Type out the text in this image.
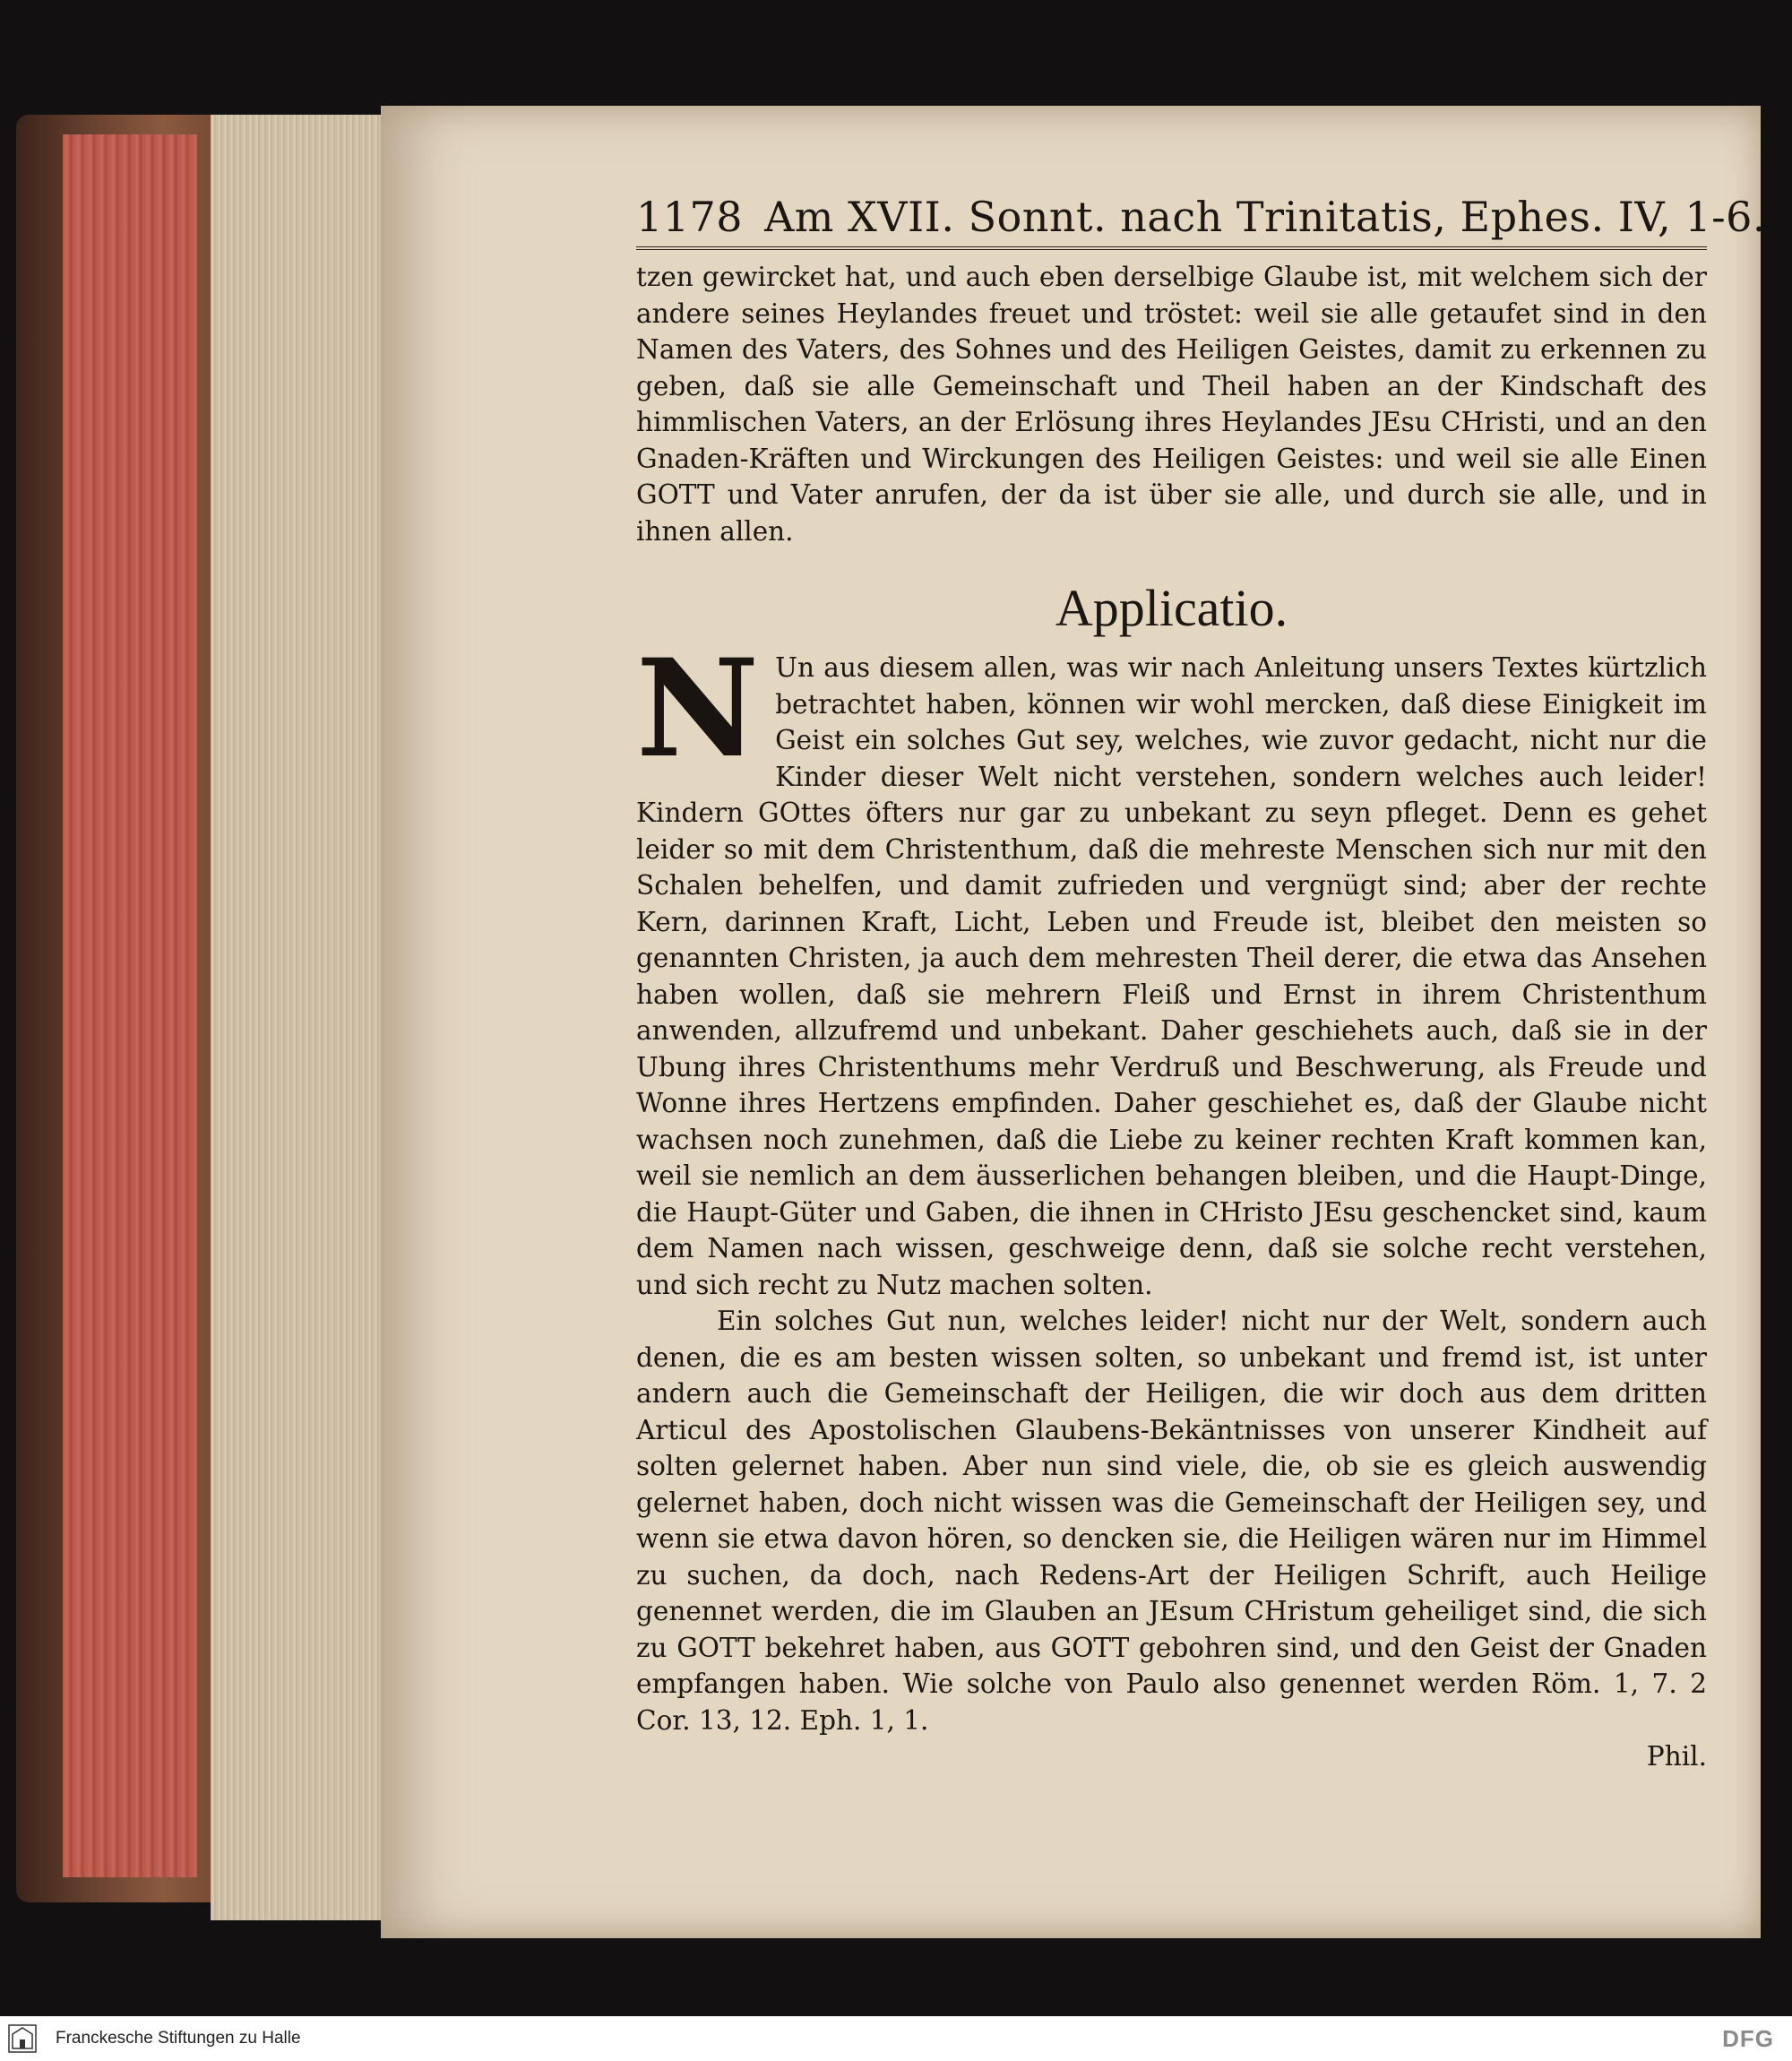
1178 Am XVII. Sonnt. nach Trinitatis, Ephes. IV, 1-6.

tzen gewircket hat, und auch eben derselbige Glaube ist, mit welchem sich der andere seines Heylandes freuet und tröstet: weil sie alle getaufet sind in den Namen des Vaters, des Sohnes und des Heiligen Geistes, damit zu erkennen zu geben, daß sie alle Gemeinschaft und Theil haben an der Kindschaft des himmlischen Vaters, an der Erlösung ihres Heylandes JEsu CHristi, und an den Gnaden-Kräften und Wirckungen des Heiligen Geistes: und weil sie alle Einen GOTT und Vater anrufen, der da ist über sie alle, und durch sie alle, und in ihnen allen.

Applicatio.

N Un aus diesem allen, was wir nach Anleitung unsers Textes kürtzlich betrachtet haben, können wir wohl mercken, daß diese Einigkeit im Geist ein solches Gut sey, welches, wie zuvor gedacht, nicht nur die Kinder dieser Welt nicht verstehen, sondern welches auch leider! Kindern GOttes öfters nur gar zu unbekant zu seyn pfleget. Denn es gehet leider so mit dem Christenthum, daß die mehreste Menschen sich nur mit den Schalen behelfen, und damit zufrieden und vergnügt sind; aber der rechte Kern, darinnen Kraft, Licht, Leben und Freude ist, bleibet den meisten so genannten Christen, ja auch dem mehresten Theil derer, die etwa das Ansehen haben wollen, daß sie mehrern Fleiß und Ernst in ihrem Christenthum anwenden, allzufremd und unbekant. Daher geschiehets auch, daß sie in der Ubung ihres Christenthums mehr Verdruß und Beschwerung, als Freude und Wonne ihres Hertzens empfinden. Daher geschiehet es, daß der Glaube nicht wachsen noch zunehmen, daß die Liebe zu keiner rechten Kraft kommen kan, weil sie nemlich an dem äusserlichen behangen bleiben, und die Haupt-Dinge, die Haupt-Güter und Gaben, die ihnen in CHristo JEsu geschencket sind, kaum dem Namen nach wissen, geschweige denn, daß sie solche recht verstehen, und sich recht zu Nutz machen solten.

Ein solches Gut nun, welches leider! nicht nur der Welt, sondern auch denen, die es am besten wissen solten, so unbekant und fremd ist, ist unter andern auch die Gemeinschaft der Heiligen, die wir doch aus dem dritten Articul des Apostolischen Glaubens-Bekäntnisses von unserer Kindheit auf solten gelernet haben. Aber nun sind viele, die, ob sie es gleich auswendig gelernet haben, doch nicht wissen was die Gemeinschaft der Heiligen sey, und wenn sie etwa davon hören, so dencken sie, die Heiligen wären nur im Himmel zu suchen, da doch, nach Redens-Art der Heiligen Schrift, auch Heilige genennet werden, die im Glauben an JEsum CHristum geheiliget sind, die sich zu GOTT bekehret haben, aus GOTT gebohren sind, und den Geist der Gnaden empfangen haben. Wie solche von Paulo also genennet werden Röm. 1, 7. 2 Cor. 13, 12. Eph. 1, 1.

Phil.
Franckesche Stiftungen zu Halle	DFG
